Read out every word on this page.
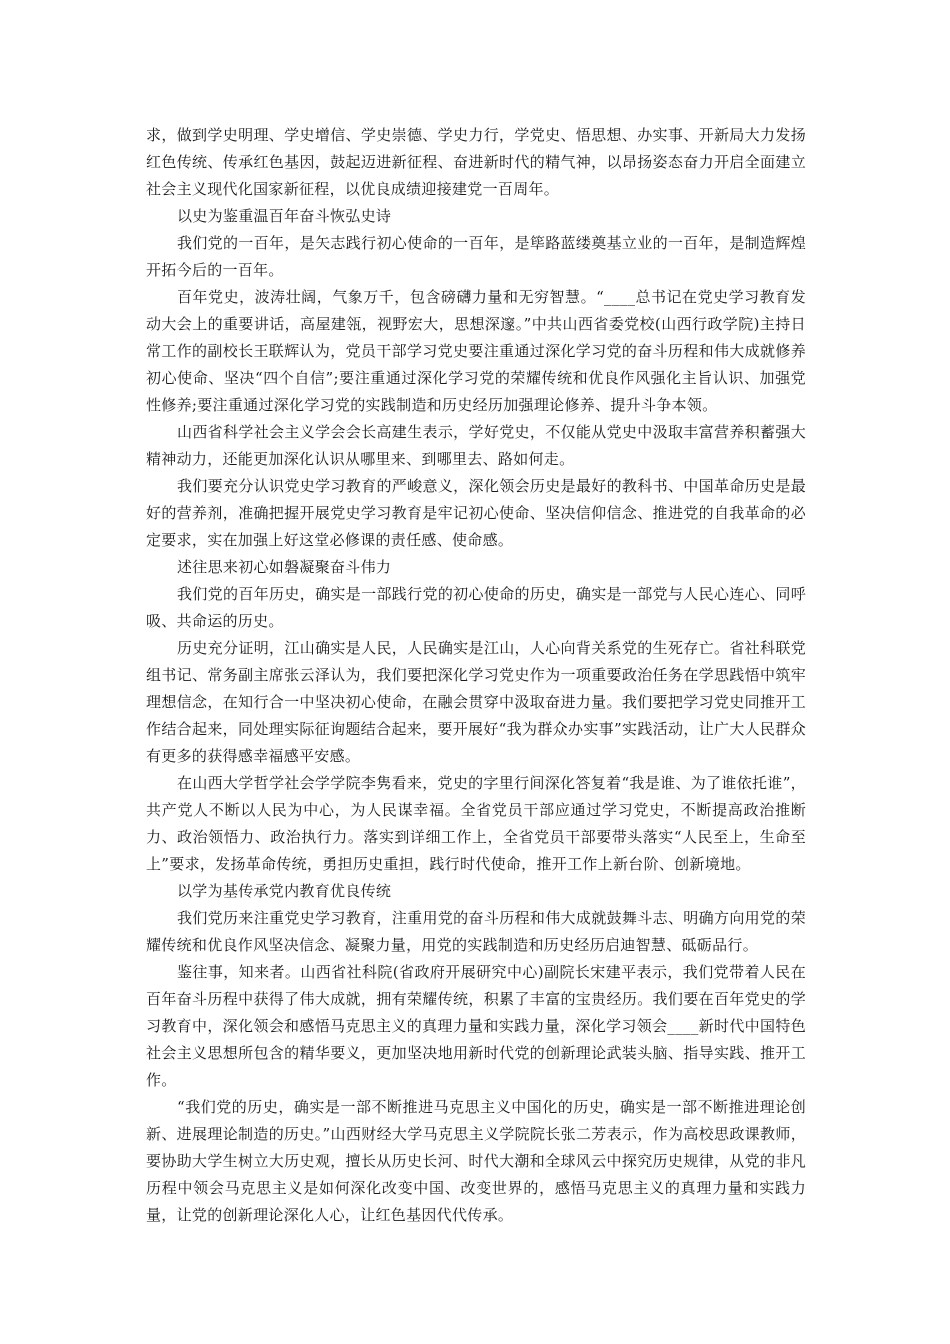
求，做到学史明理、学史增信、学史崇德、学史力行，学党史、悟思想、办实事、开新局大力发扬红色传统、传承红色基因，鼓起迈进新征程、奋进新时代的精气神，以昂扬姿态奋力开启全面建立社会主义现代化国家新征程，以优良成绩迎接建党一百周年。

以史为鉴重温百年奋斗恢弘史诗

我们党的一百年，是矢志践行初心使命的一百年，是筚路蓝缕奠基立业的一百年，是制造辉煌开拓今后的一百年。

百年党史，波涛壮阔，气象万千，包含磅礴力量和无穷智慧。“____总书记在党史学习教育发动大会上的重要讲话，高屋建瓴，视野宏大，思想深邃。”中共山西省委党校(山西行政学院)主持日常工作的副校长王联辉认为，党员干部学习党史要注重通过深化学习党的奋斗历程和伟大成就修养初心使命、坚决“四个自信”;要注重通过深化学习党的荣耀传统和优良作风强化主旨认识、加强党性修养;要注重通过深化学习党的实践制造和历史经历加强理论修养、提升斗争本领。

山西省科学社会主义学会会长高建生表示，学好党史，不仅能从党史中汲取丰富营养积蓄强大精神动力，还能更加深化认识从哪里来、到哪里去、路如何走。

我们要充分认识党史学习教育的严峻意义，深化领会历史是最好的教科书、中国革命历史是最好的营养剂，准确把握开展党史学习教育是牢记初心使命、坚决信仰信念、推进党的自我革命的必定要求，实在加强上好这堂必修课的责任感、使命感。

述往思来初心如磐凝聚奋斗伟力

我们党的百年历史，确实是一部践行党的初心使命的历史，确实是一部党与人民心连心、同呼吸、共命运的历史。

历史充分证明，江山确实是人民，人民确实是江山，人心向背关系党的生死存亡。省社科联党组书记、常务副主席张云泽认为，我们要把深化学习党史作为一项重要政治任务在学思践悟中筑牢理想信念，在知行合一中坚决初心使命，在融会贯穿中汲取奋进力量。我们要把学习党史同推开工作结合起来，同处理实际征询题结合起来，要开展好“我为群众办实事”实践活动，让广大人民群众有更多的获得感幸福感平安感。

在山西大学哲学社会学学院李隽看来，党史的字里行间深化答复着“我是谁、为了谁依托谁”，共产党人不断以人民为中心，为人民谋幸福。全省党员干部应通过学习党史，不断提高政治推断力、政治领悟力、政治执行力。落实到详细工作上，全省党员干部要带头落实“人民至上，生命至上”要求，发扬革命传统，勇担历史重担，践行时代使命，推开工作上新台阶、创新境地。

以学为基传承党内教育优良传统

我们党历来注重党史学习教育，注重用党的奋斗历程和伟大成就鼓舞斗志、明确方向用党的荣耀传统和优良作风坚决信念、凝聚力量，用党的实践制造和历史经历启迪智慧、砥砺品行。

鉴往事，知来者。山西省社科院(省政府开展研究中心)副院长宋建平表示，我们党带着人民在百年奋斗历程中获得了伟大成就，拥有荣耀传统，积累了丰富的宝贵经历。我们要在百年党史的学习教育中，深化领会和感悟马克思主义的真理力量和实践力量，深化学习领会____新时代中国特色社会主义思想所包含的精华要义，更加坚决地用新时代党的创新理论武装头脑、指导实践、推开工作。

“我们党的历史，确实是一部不断推进马克思主义中国化的历史，确实是一部不断推进理论创新、进展理论制造的历史。”山西财经大学马克思主义学院院长张二芳表示，作为高校思政课教师，要协助大学生树立大历史观，擅长从历史长河、时代大潮和全球风云中探究历史规律，从党的非凡历程中领会马克思主义是如何深化改变中国、改变世界的，感悟马克思主义的真理力量和实践力量，让党的创新理论深化人心，让红色基因代代传承。
